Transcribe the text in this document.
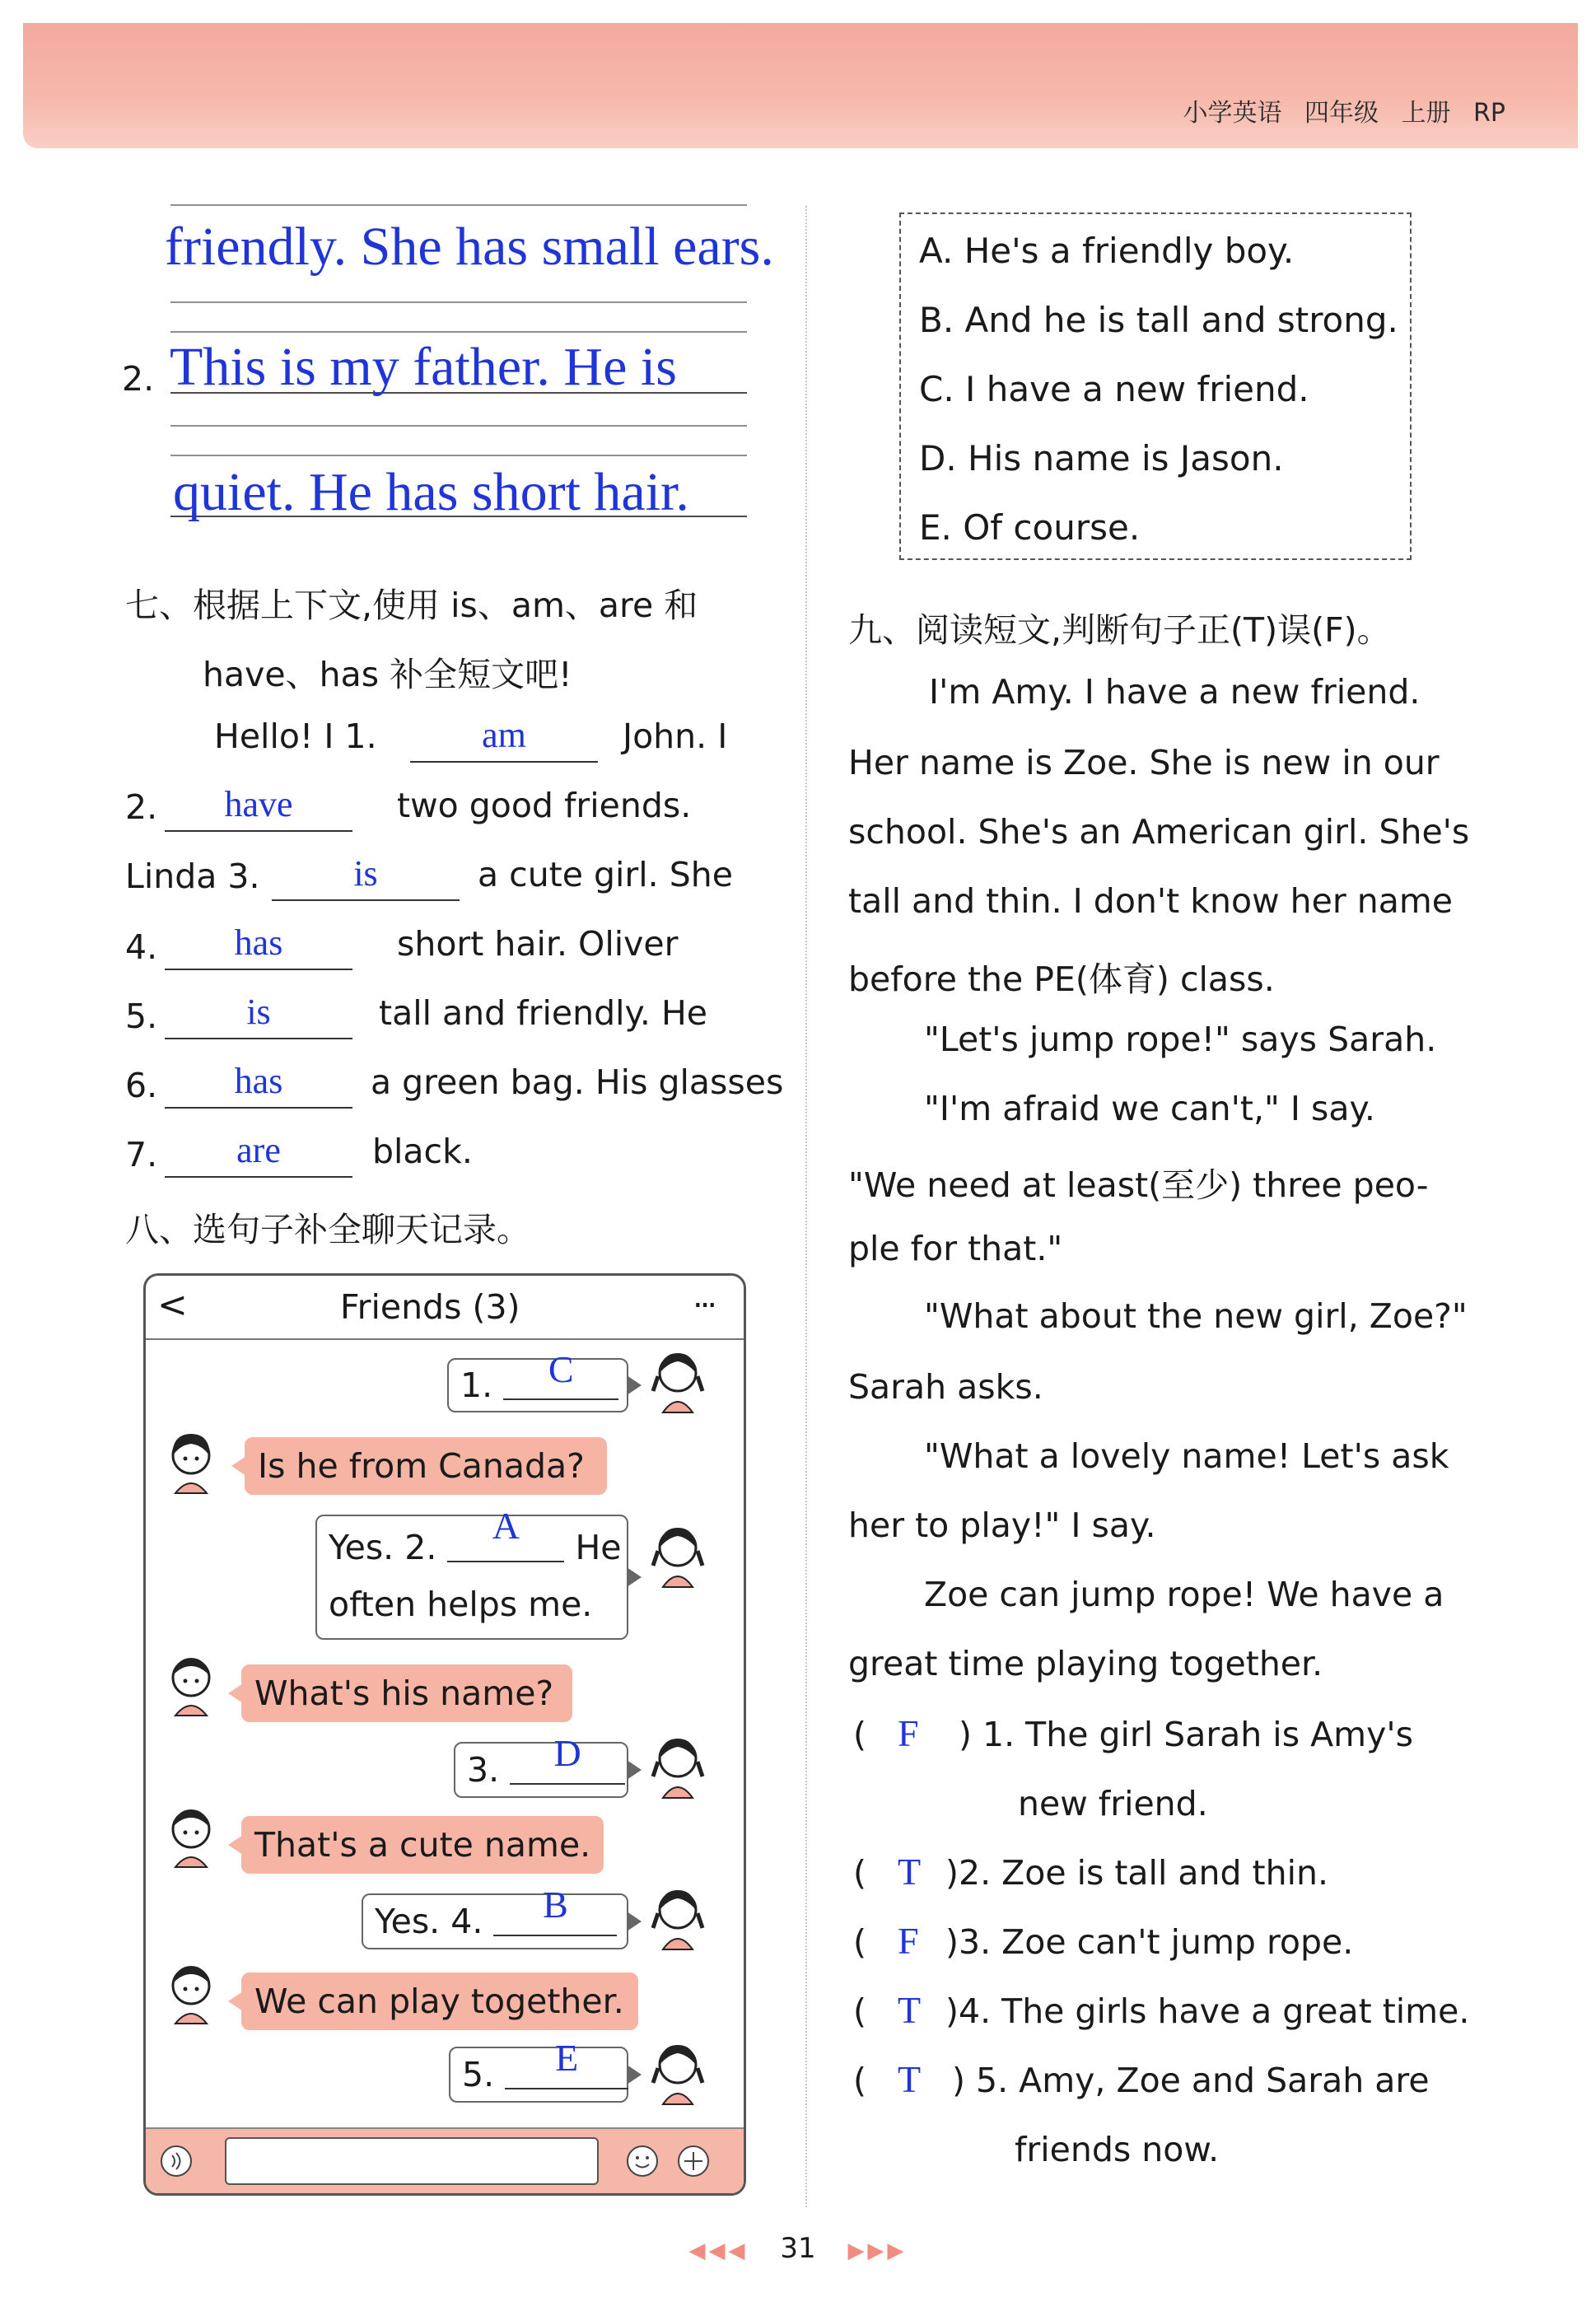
小学英语 四年级 上册 RP
friendly. She has small ears.
2. This is my father. He is
quiet. He has short hair.
七、根据上下文,使用 is、am、are 和
have、has 补全短文吧!
Hello! I 1.	am	John. I
2.	have	two good friends.
Linda 3.	is	a cute girl. She
4.	has	short hair. Oliver
5.	is	tall and friendly. He
6.	has	a green bag. His glasses
7.	are	black.
八、选句子补全聊天记录。
<	Friends (3)	...
1.	C
Is he from Canada?
Yes. 2.
A
He
often helps me.
What's his name?
3.	D
That's a cute name.
Yes. 4.	B
We can play together.
5.	E
A. He's a friendly boy.
B. And he is tall and strong.
C. I have a new friend.
D. His name is Jason.
E. Of course.
九、阅读短文,判断句子正(T)误(F)。
I'm Amy. I have a new friend.
Her name is Zoe. She is new in our
school. She's an American girl. She's
tall and thin. I don't know her name
before the PE(体育) class.
"Let's jump rope!" says Sarah.
"I'm afraid we can't," I say.
"We need at least(至少) three peo-
ple for that."
"What about the new girl, Zoe?"
Sarah asks.
"What a lovely name! Let's ask
her to play!" I say.
Zoe can jump rope! We have a
great time playing together.
( F ) 1. The girl Sarah is Amy's
new friend.
( T )2. Zoe is tall and thin.
( F )3. Zoe can't jump rope.
( T )4. The girls have a great time.
( T ) 5. Amy, Zoe and Sarah are
friends now.
◀◀◀ 31 ▶▶▶
